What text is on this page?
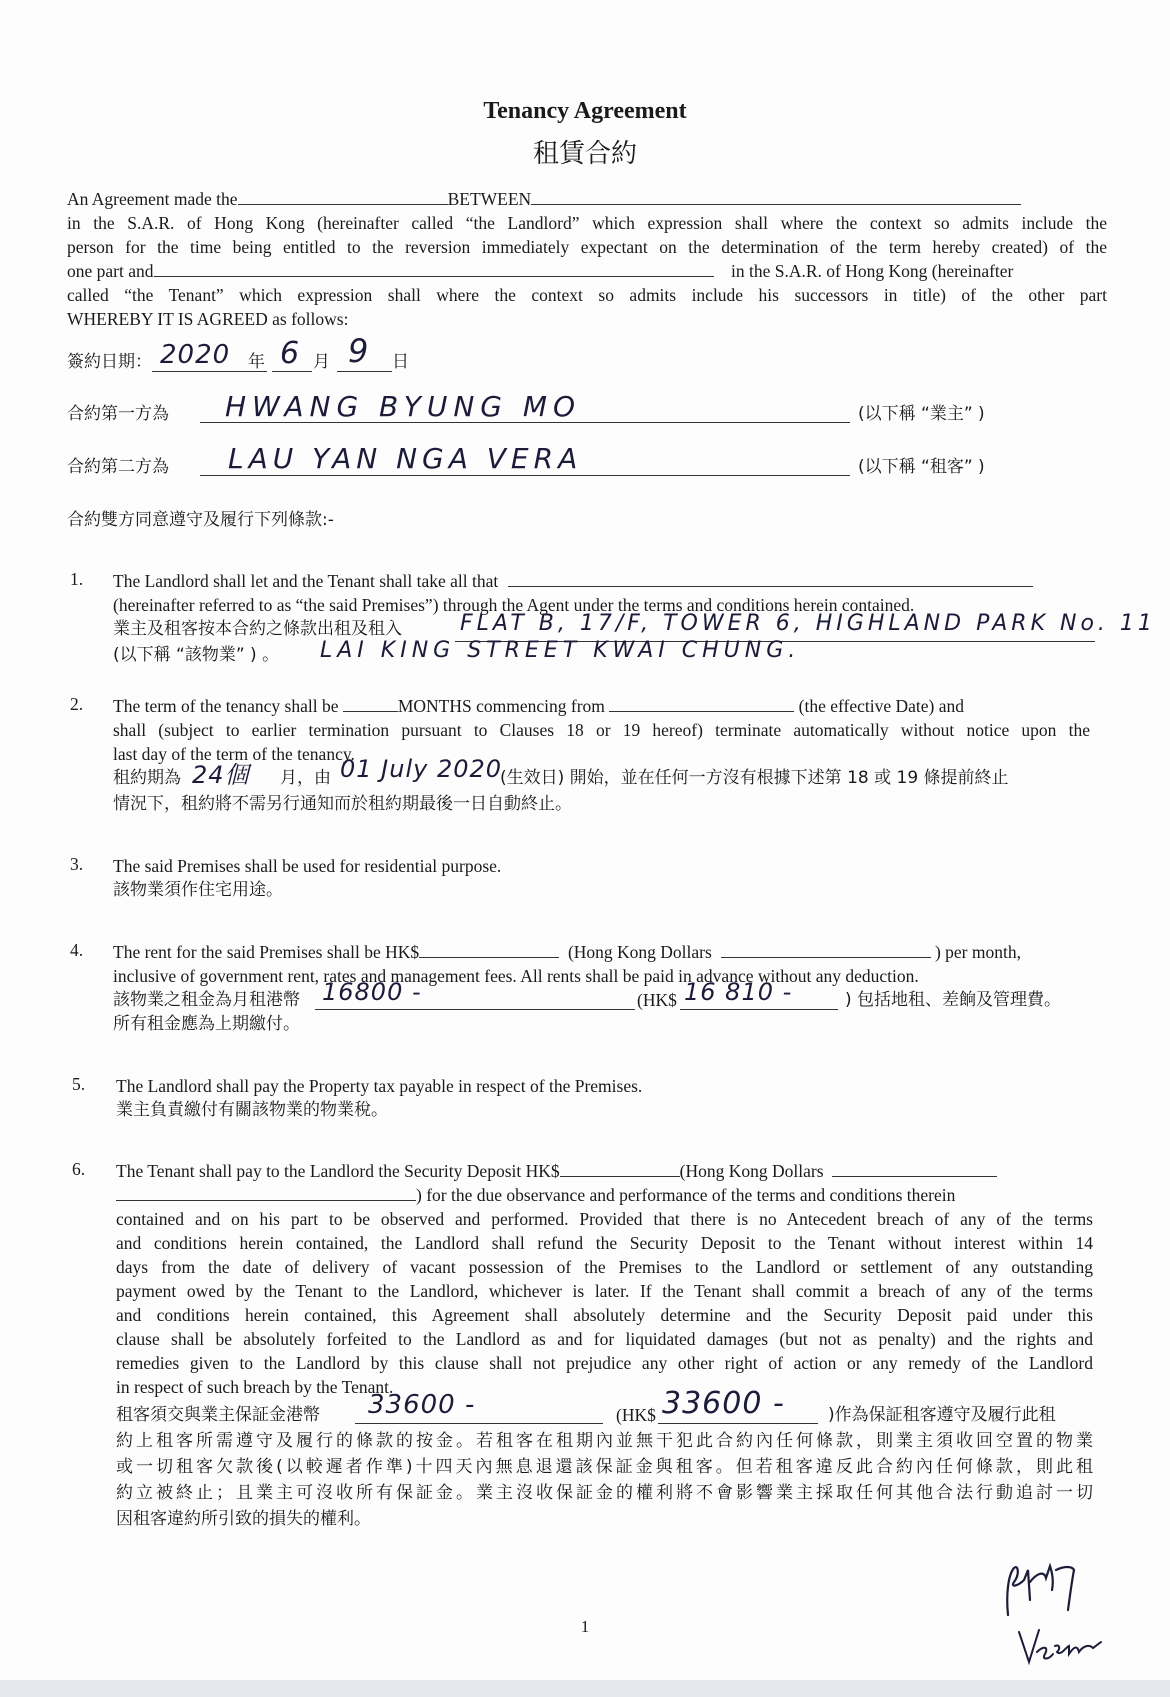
Tenancy Agreement
租賃合約
An Agreement made the	BETWEEN
in the S.A.R. of Hong Kong (hereinafter called “the Landlord” which expression shall where the context so admits include the
person for the time being entitled to the reversion immediately expectant on the determination of the term hereby created) of the
one part and	in the S.A.R. of Hong Kong (hereinafter
called “the Tenant” which expression shall where the context so admits include his successors in title) of the other part
WHEREBY IT IS AGREED as follows:
簽約日期： 2020 年 6 月 9 日
合約第一方為 HWANG BYUNG MO	(以下稱 “業主” )
合約第二方為 LAU YAN NGA VERA	(以下稱 “租客” )
合約雙方同意遵守及履行下列條款:-
1. The Landlord shall let and the Tenant shall take all that
(hereinafter referred to as “the said Premises”) through the Agent under the terms and conditions herein contained.
業主及租客按本合約之條款出租及租入	FLAT B, 17/F, TOWER 6, HIGHLAND PARK No. 11
(以下稱 “該物業” ) 。 LAI KING STREET KWAI CHUNG.
2. The term of the tenancy shall be	MONTHS commencing from	(the effective Date) and
shall (subject to earlier termination pursuant to Clauses 18 or 19 hereof) terminate automatically without notice upon the
last day of the term of the tenancy.
租約期為 24個 月，由 01 July 2020
(生效日) 開始，並在任何一方沒有根據下述第 18 或 19 條提前終止
情況下，租約將不需另行通知而於租約期最後一日自動終止。
3. The said Premises shall be used for residential purpose.
該物業須作住宅用途。
4. The rent for the said Premises shall be HK$	(Hong Kong Dollars	) per month,
inclusive of government rent, rates and management fees. All rents shall be paid in advance without any deduction.
該物業之租金為月租港幣 16800 -	(HK$ 16 810 -	) 包括地租、差餉及管理費。
所有租金應為上期繳付。
5. The Landlord shall pay the Property tax payable in respect of the Premises.
業主負責繳付有關該物業的物業稅。
6. The Tenant shall pay to the Landlord the Security Deposit HK$	(Hong Kong Dollars
) for the due observance and performance of the terms and conditions therein
contained and on his part to be observed and performed. Provided that there is no Antecedent breach of any of the terms
and conditions herein contained, the Landlord shall refund the Security Deposit to the Tenant without interest within 14
days from the date of delivery of vacant possession of the Premises to the Landlord or settlement of any outstanding
payment owed by the Tenant to the Landlord, whichever is later. If the Tenant shall commit a breach of any of the terms
and conditions herein contained, this Agreement shall absolutely determine and the Security Deposit paid under this
clause shall be absolutely forfeited to the Landlord as and for liquidated damages (but not as penalty) and the rights and
remedies given to the Landlord by this clause shall not prejudice any other right of action or any remedy of the Landlord
in respect of such breach by the Tenant.
租客須交與業主保証金港幣 33600 -	(HK$ 33600 -	)作為保証租客遵守及履行此租
約上租客所需遵守及履行的條款的按金。若租客在租期內並無干犯此合約內任何條款，則業主須收回空置的物業
或一切租客欠款後(以較遲者作準)十四天內無息退還該保証金與租客。但若租客違反此合約內任何條款，則此租
約立被終止；且業主可沒收所有保証金。業主沒收保証金的權利將不會影響業主採取任何其他合法行動追討一切
因租客違約所引致的損失的權利。
1
